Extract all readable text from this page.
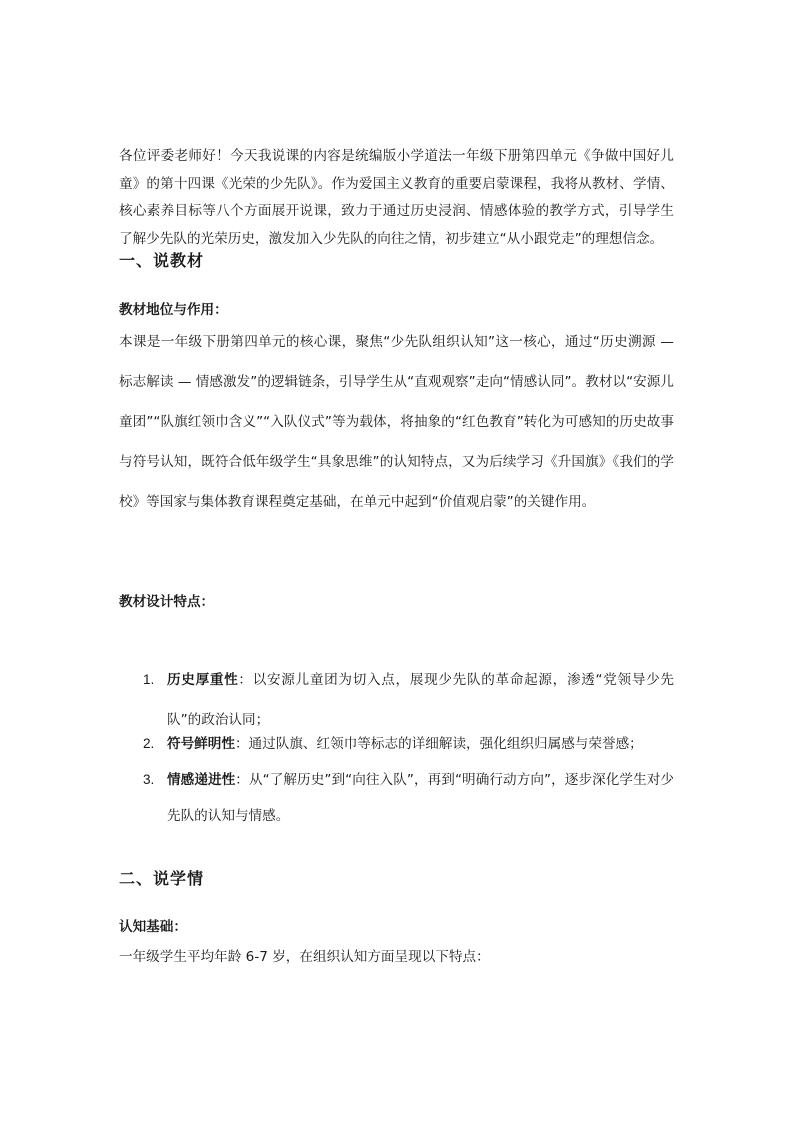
各位评委老师好！今天我说课的内容是统编版小学道法一年级下册第四单元《争做中国好儿童》的第十四课《光荣的少先队》。作为爱国主义教育的重要启蒙课程，我将从教材、学情、核心素养目标等八个方面展开说课，致力于通过历史浸润、情感体验的教学方式，引导学生了解少先队的光荣历史，激发加入少先队的向往之情，初步建立“从小跟党走”的理想信念。

一、说教材
教材地位与作用：

本课是一年级下册第四单元的核心课，聚焦“少先队组织认知”这一核心，通过“历史溯源 — 标志解读 — 情感激发”的逻辑链条，引导学生从“直观观察”走向“情感认同”。教材以“安源儿童团”“队旗红领巾含义”“入队仪式”等为载体，将抽象的“红色教育”转化为可感知的历史故事与符号认知，既符合低年级学生“具象思维”的认知特点，又为后续学习《升国旗》《我们的学校》等国家与集体教育课程奠定基础，在单元中起到“价值观启蒙”的关键作用。

教材设计特点：
1. 历史厚重性：以安源儿童团为切入点，展现少先队的革命起源，渗透“党领导少先队”的政治认同；
2. 符号鲜明性：通过队旗、红领巾等标志的详细解读，强化组织归属感与荣誉感；
3. 情感递进性：从“了解历史”到“向往入队”，再到“明确行动方向”，逐步深化学生对少先队的认知与情感。
二、说学情
认知基础：

一年级学生平均年龄 6-7 岁，在组织认知方面呈现以下特点：
